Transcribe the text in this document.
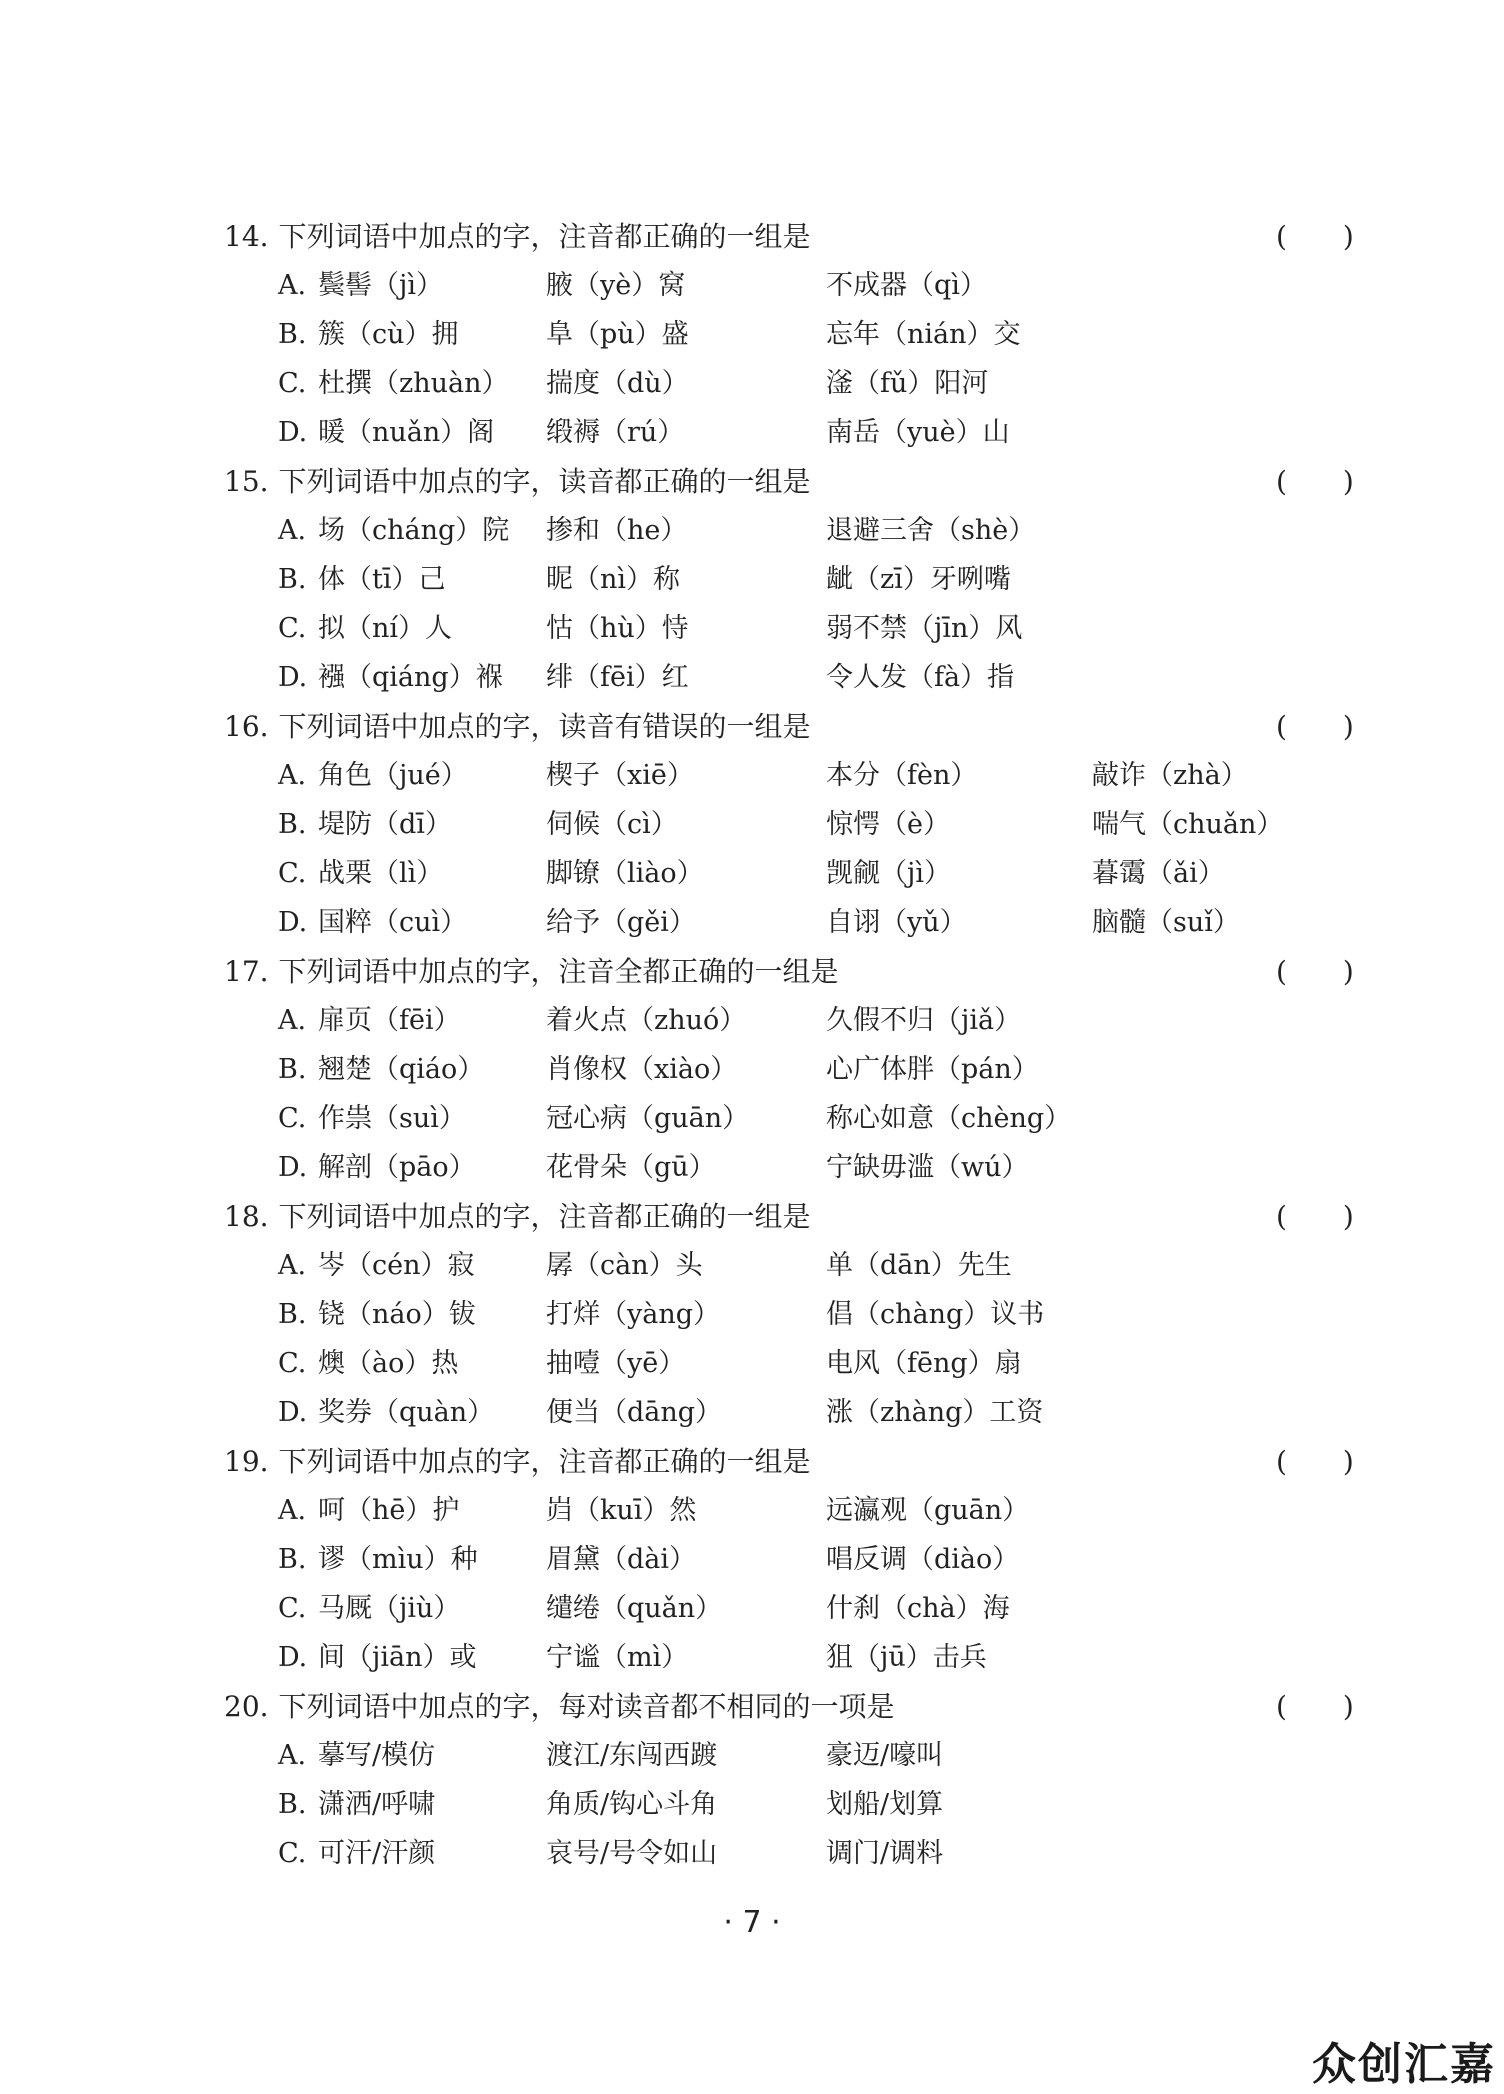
14. 下列词语中加点的字，注音都正确的一组是	(　　)
A. 鬓髻（jì）	腋（yè）窝	不成器（qì）
B. 簇（cù）拥	阜（pù）盛	忘年（nián）交
C. 杜撰（zhuàn） 揣度（dù）	滏（fǔ）阳河
D. 暖（nuǎn）阁 缎褥（rú）	南岳（yuè）山
15. 下列词语中加点的字，读音都正确的一组是	(　　)
A. 场（cháng）院 掺和（he）	退避三舍（shè）
B. 体（tī）己	昵（nì）称	龇（zī）牙咧嘴
C. 拟（ní）人	怙（hù）恃	弱不禁（jīn）风
D. 襁（qiáng）褓 绯（fēi）红	令人发（fà）指
16. 下列词语中加点的字，读音有错误的一组是	(　　)
A. 角色（jué）	楔子（xiē）	本分（fèn）	敲诈（zhà）
B. 堤防（dī）	伺候（cì）	惊愕（è）	喘气（chuǎn）
C. 战栗（lì）	脚镣（liào）	觊觎（jì）	暮霭（ǎi）
D. 国粹（cuì）	给予（gěi）	自诩（yǔ）	脑髓（suǐ）
17. 下列词语中加点的字，注音全都正确的一组是	(　　)
A. 扉页（fēi）	着火点（zhuó）	久假不归（jiǎ）
B. 翘楚（qiáo） 肖像权（xiào）	心广体胖（pán）
C. 作祟（suì）	冠心病（guān）	称心如意（chèng）
D. 解剖（pāo）	花骨朵（gū）	宁缺毋滥（wú）
18. 下列词语中加点的字，注音都正确的一组是	(　　)
A. 岑（cén）寂	孱（càn）头	单（dān）先生
B. 铙（náo）钹	打烊（yàng）	倡（chàng）议书
C. 燠（ào）热	抽噎（yē）	电风（fēng）扇
D. 奖券（quàn） 便当（dāng）	涨（zhàng）工资
19. 下列词语中加点的字，注音都正确的一组是	(　　)
A. 呵（hē）护	岿（kuī）然	远瀛观（guān）
B. 谬（mìu）种	眉黛（dài）	唱反调（diào）
C. 马厩（jiù）	缱绻（quǎn）	什刹（chà）海
D. 间（jiān）或	宁谧（mì）	狙（jū）击兵
20. 下列词语中加点的字，每对读音都不相同的一项是	(　　)
A. 摹写/模仿	渡江/东闯西踱	豪迈/嚎叫
B. 潇洒/呼啸	角质/钩心斗角	划船/划算
C. 可汗/汗颜	哀号/号令如山	调门/调料
· 7 ·
众创汇嘉
